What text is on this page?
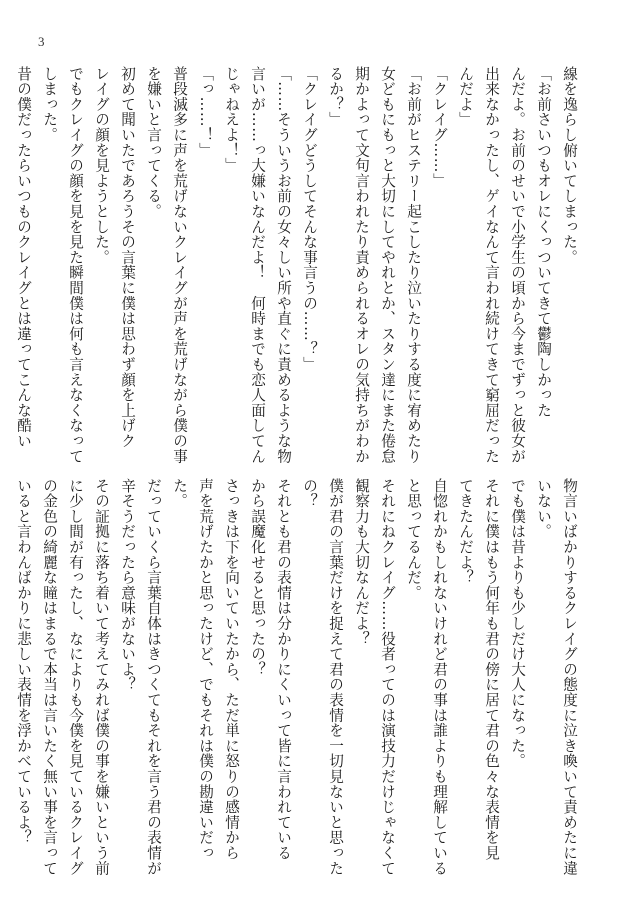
3
線を逸らし俯いてしまった。
「お前さいつもオレにくっついてきて鬱陶しかった
んだよ。お前のせいで小学生の頃から今までずっと彼女が
出来なかったし、ゲイなんて言われ続けてきて窮屈だった
んだよ」
「クレイグ……」
「お前がヒステリー起こしたり泣いたりする度に宥めたり
女どもにもっと大切にしてやれとか、スタン達にまた倦怠
期かよって文句言われたり責められるオレの気持ちがわか
るか？」
「クレイグどうしてそんな事言うの……？」
「……そういうお前の女々しい所や直ぐに責めるような物
言いが……っ大嫌いなんだよ！　何時までも恋人面してん
じゃねえよ！」
「っ……！」
普段滅多に声を荒げないクレイグが声を荒げながら僕の事
を嫌いと言ってくる。
初めて聞いたであろうその言葉に僕は思わず顔を上げク
レイグの顔を見ようとした。
でもクレイグの顔を見を見た瞬間僕は何も言えなくなって
しまった。
昔の僕だったらいつものクレイグとは違ってこんな酷い
物言いばかりするクレイグの態度に泣き喚いて責めたに違
いない。
でも僕は昔よりも少しだけ大人になった。
それに僕はもう何年も君の傍に居て君の色々な表情を見
てきたんだよ？
自惚れかもしれないけれど君の事は誰よりも理解している
と思ってるんだ。
それにねクレイグ……役者ってのは演技力だけじゃなくて
観察力も大切なんだよ？
僕が君の言葉だけを捉えて君の表情を一切見ないと思った
の？
それとも君の表情は分かりにくいって皆に言われている
から誤魔化せると思ったの？
さっきは下を向いていたから、ただ単に怒りの感情から
声を荒げたかと思ったけど、でもそれは僕の勘違いだっ
た。
だっていくら言葉自体はきつくてもそれを言う君の表情が
辛そうだったら意味がないよ？
その証拠に落ち着いて考えてみれば僕の事を嫌いという前
に少し間が有ったし、なによりも今僕を見ているクレイグ
の金色の綺麗な瞳はまるで本当は言いたく無い事を言って
いると言わんばかりに悲しい表情を浮かべているよ？
